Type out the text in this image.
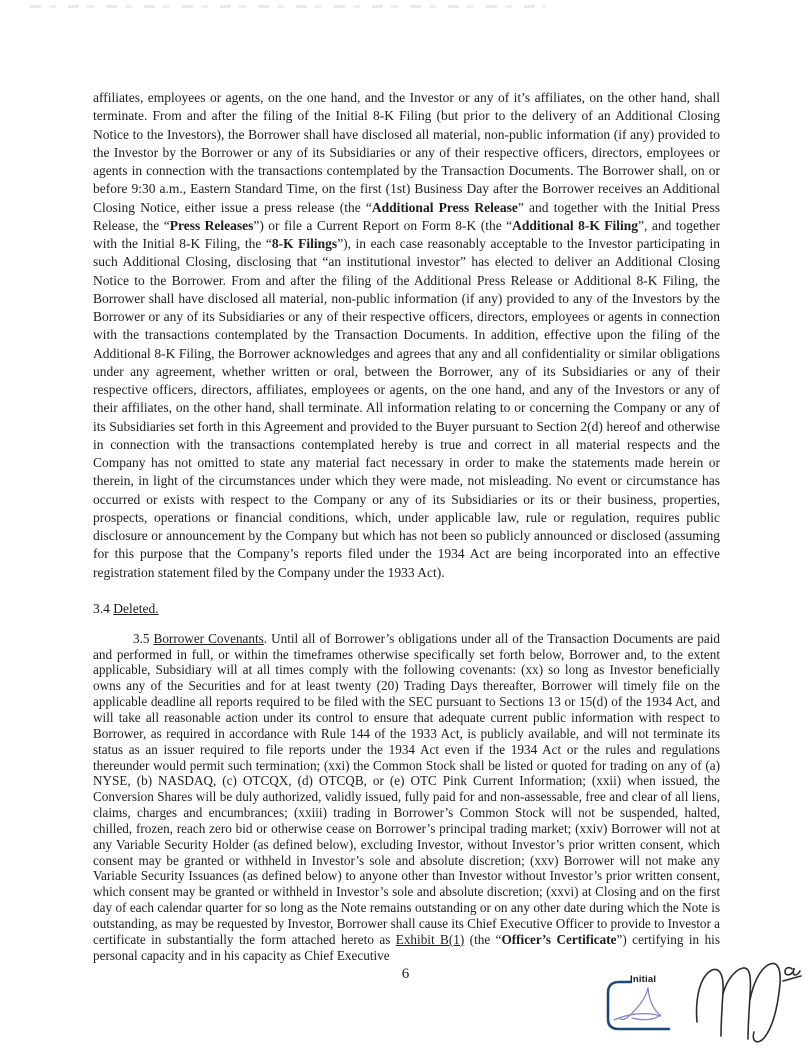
affiliates, employees or agents, on the one hand, and the Investor or any of it’s affiliates, on the other hand, shall terminate. From and after the filing of the Initial 8-K Filing (but prior to the delivery of an Additional Closing Notice to the Investors), the Borrower shall have disclosed all material, non-public information (if any) provided to the Investor by the Borrower or any of its Subsidiaries or any of their respective officers, directors, employees or agents in connection with the transactions contemplated by the Transaction Documents. The Borrower shall, on or before 9:30 a.m., Eastern Standard Time, on the first (1st) Business Day after the Borrower receives an Additional Closing Notice, either issue a press release (the “Additional Press Release” and together with the Initial Press Release, the “Press Releases”) or file a Current Report on Form 8-K (the “Additional 8-K Filing”, and together with the Initial 8-K Filing, the “8-K Filings”), in each case reasonably acceptable to the Investor participating in such Additional Closing, disclosing that “an institutional investor” has elected to deliver an Additional Closing Notice to the Borrower. From and after the filing of the Additional Press Release or Additional 8-K Filing, the Borrower shall have disclosed all material, non-public information (if any) provided to any of the Investors by the Borrower or any of its Subsidiaries or any of their respective officers, directors, employees or agents in connection with the transactions contemplated by the Transaction Documents. In addition, effective upon the filing of the Additional 8-K Filing, the Borrower acknowledges and agrees that any and all confidentiality or similar obligations under any agreement, whether written or oral, between the Borrower, any of its Subsidiaries or any of their respective officers, directors, affiliates, employees or agents, on the one hand, and any of the Investors or any of their affiliates, on the other hand, shall terminate. All information relating to or concerning the Company or any of its Subsidiaries set forth in this Agreement and provided to the Buyer pursuant to Section 2(d) hereof and otherwise in connection with the transactions contemplated hereby is true and correct in all material respects and the Company has not omitted to state any material fact necessary in order to make the statements made herein or therein, in light of the circumstances under which they were made, not misleading. No event or circumstance has occurred or exists with respect to the Company or any of its Subsidiaries or its or their business, properties, prospects, operations or financial conditions, which, under applicable law, rule or regulation, requires public disclosure or announcement by the Company but which has not been so publicly announced or disclosed (assuming for this purpose that the Company’s reports filed under the 1934 Act are being incorporated into an effective registration statement filed by the Company under the 1933 Act).

3.4 Deleted.

3.5 Borrower Covenants. Until all of Borrower’s obligations under all of the Transaction Documents are paid and performed in full, or within the timeframes otherwise specifically set forth below, Borrower and, to the extent applicable, Subsidiary will at all times comply with the following covenants: (xx) so long as Investor beneficially owns any of the Securities and for at least twenty (20) Trading Days thereafter, Borrower will timely file on the applicable deadline all reports required to be filed with the SEC pursuant to Sections 13 or 15(d) of the 1934 Act, and will take all reasonable action under its control to ensure that adequate current public information with respect to Borrower, as required in accordance with Rule 144 of the 1933 Act, is publicly available, and will not terminate its status as an issuer required to file reports under the 1934 Act even if the 1934 Act or the rules and regulations thereunder would permit such termination; (xxi) the Common Stock shall be listed or quoted for trading on any of (a) NYSE, (b) NASDAQ, (c) OTCQX, (d) OTCQB, or (e) OTC Pink Current Information; (xxii) when issued, the Conversion Shares will be duly authorized, validly issued, fully paid for and non-assessable, free and clear of all liens, claims, charges and encumbrances; (xxiii) trading in Borrower’s Common Stock will not be suspended, halted, chilled, frozen, reach zero bid or otherwise cease on Borrower’s principal trading market; (xxiv) Borrower will not at any Variable Security Holder (as defined below), excluding Investor, without Investor’s prior written consent, which consent may be granted or withheld in Investor’s sole and absolute discretion; (xxv) Borrower will not make any Variable Security Issuances (as defined below) to anyone other than Investor without Investor’s prior written consent, which consent may be granted or withheld in Investor’s sole and absolute discretion; (xxvi) at Closing and on the first day of each calendar quarter for so long as the Note remains outstanding or on any other date during which the Note is outstanding, as may be requested by Investor, Borrower shall cause its Chief Executive Officer to provide to Investor a certificate in substantially the form attached hereto as Exhibit B(1) (the “Officer’s Certificate”) certifying in his personal capacity and in his capacity as Chief Executive

6	Initial
